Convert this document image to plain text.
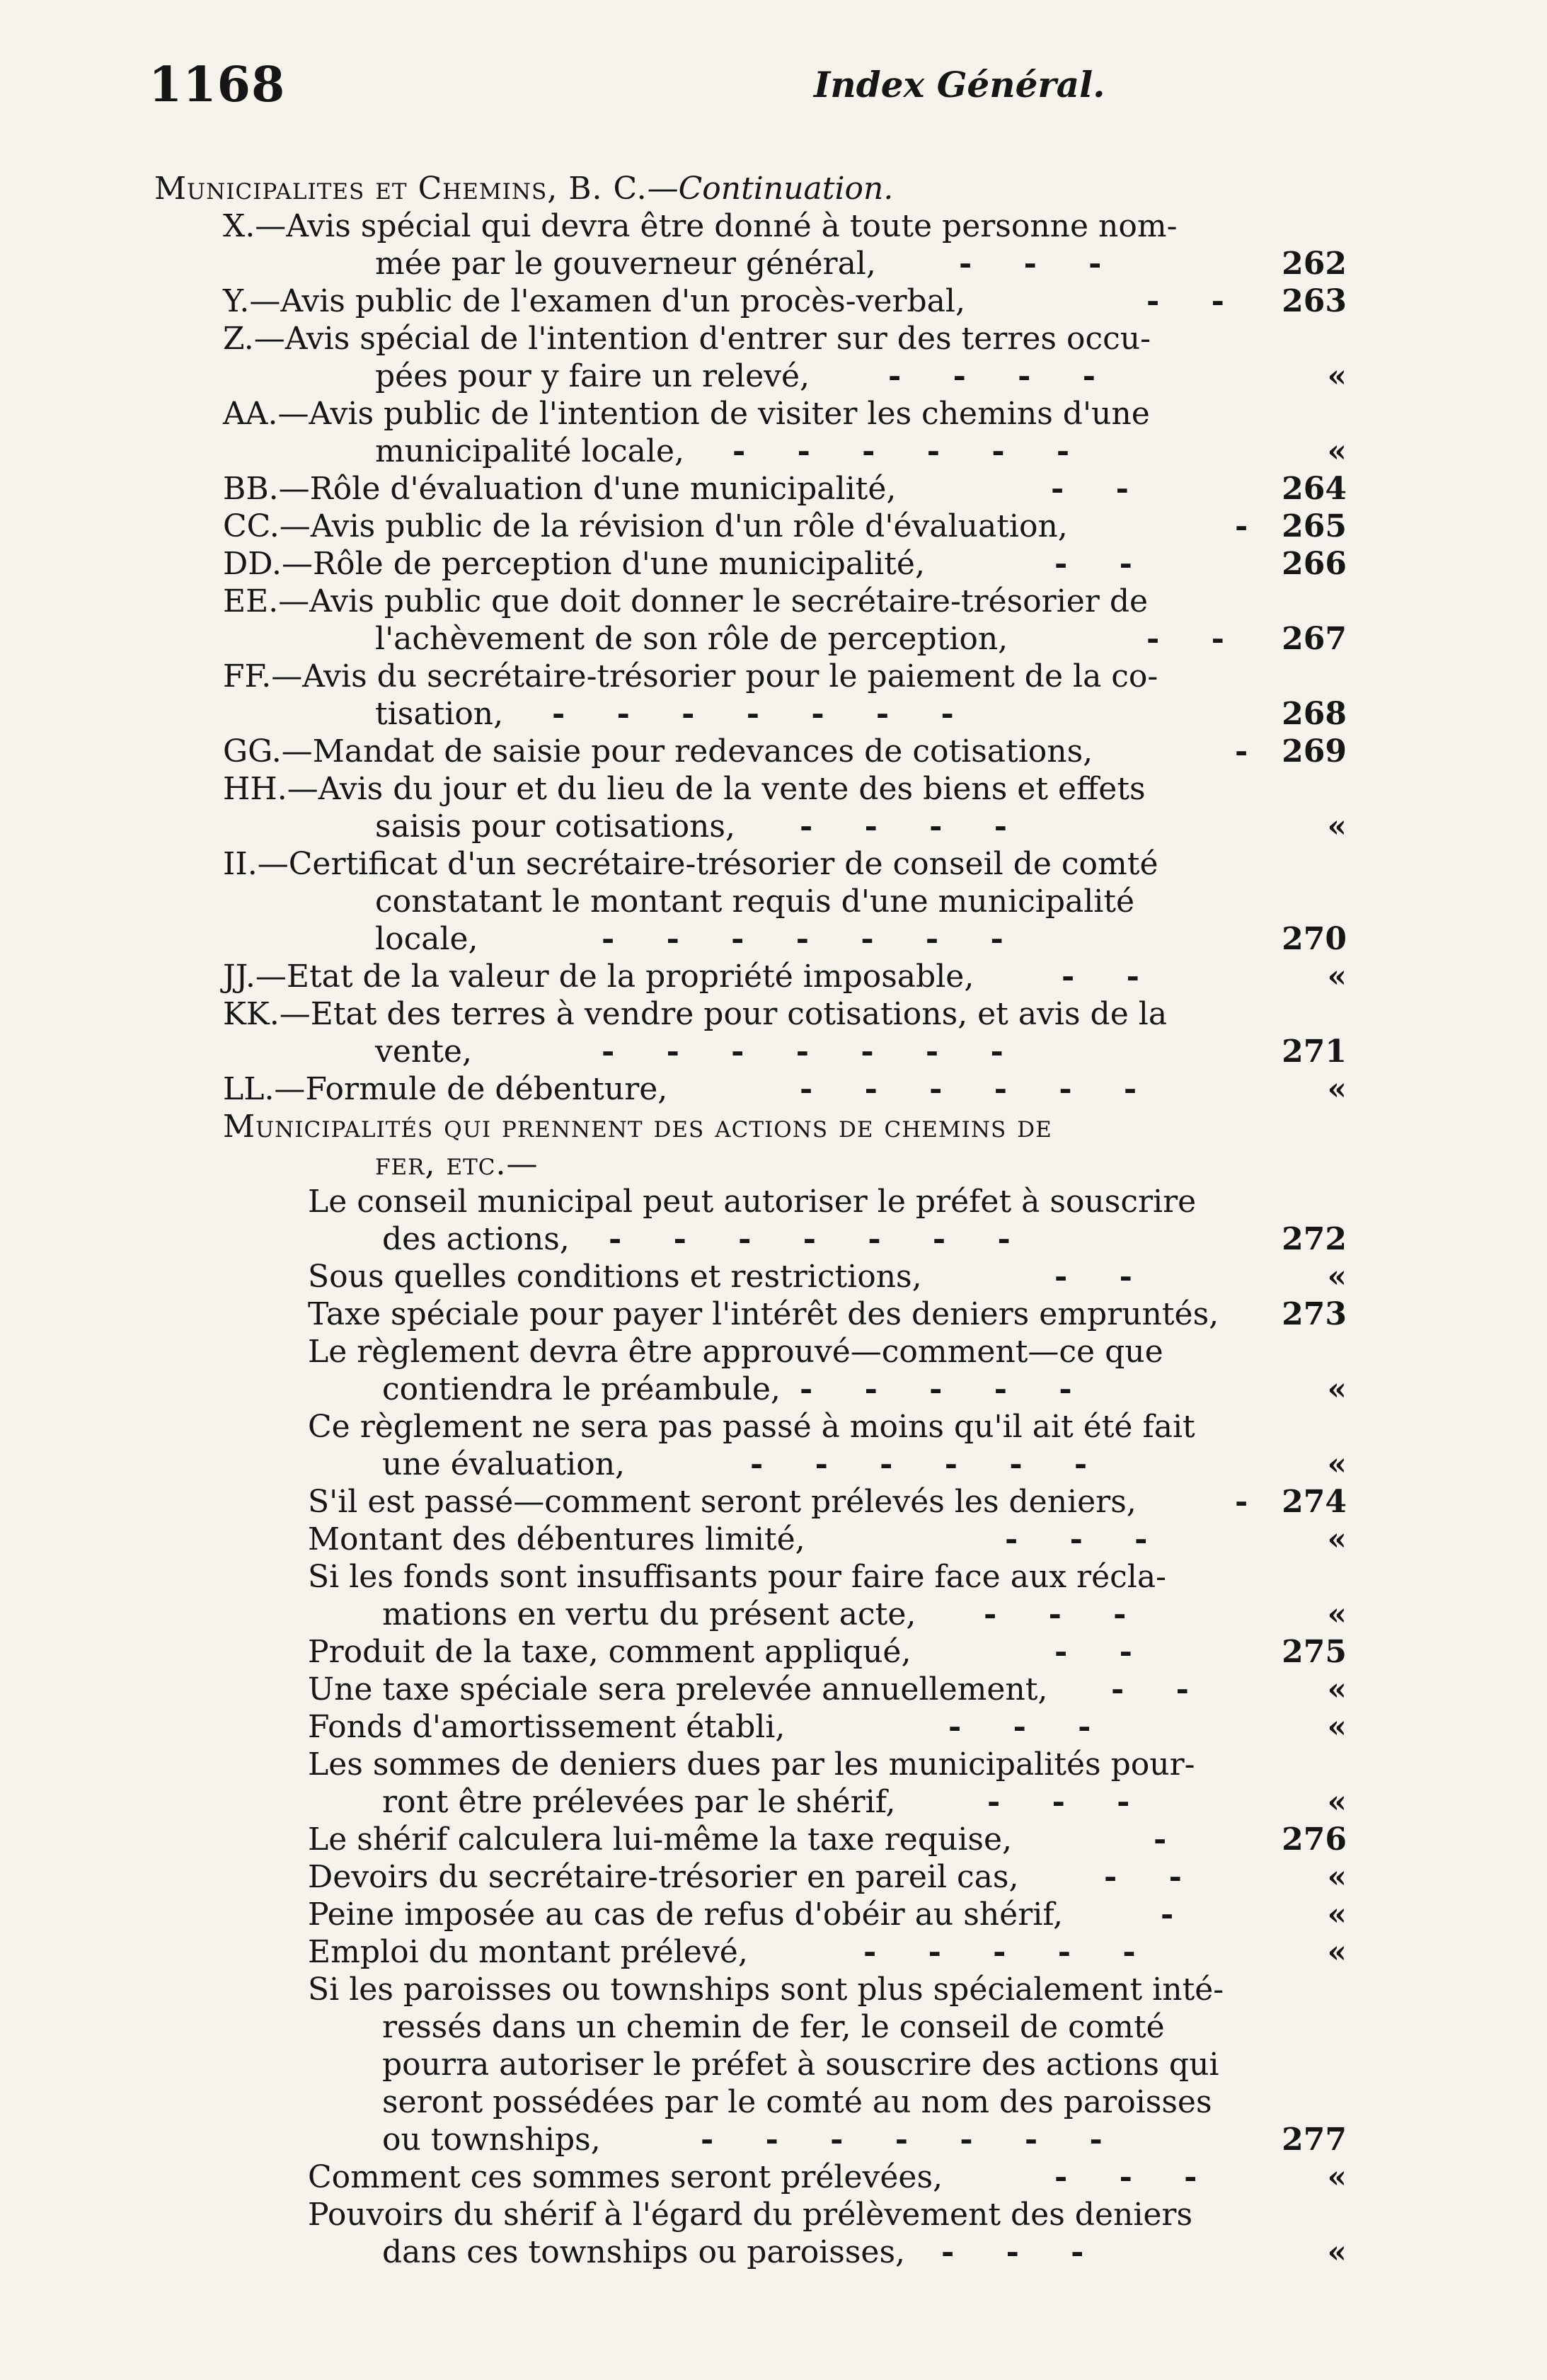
1168	Index Général.
Municipalites et Chemins, B. C.—Continuation.
X.—Avis spécial qui devra être donné à toute personne nom-
mée par le gouverneur général,	- - -	262
Y.—Avis public de l'examen d'un procès-verbal,	- - 263
Z.—Avis spécial de l'intention d'entrer sur des terres occu-
pées pour y faire un relevé,	- - - -	«
AA.—Avis public de l'intention de visiter les chemins d'une
municipalité locale, - - - - - -	«
BB.—Rôle d'évaluation d'une municipalité,	- -	264
CC.—Avis public de la révision d'un rôle d'évaluation,	- 265
DD.—Rôle de perception d'une municipalité,	- -	266
EE.—Avis public que doit donner le secrétaire-trésorier de
l'achèvement de son rôle de perception,	- - 267
FF.—Avis du secrétaire-trésorier pour le paiement de la co-
tisation, - - - - - - -	268
GG.—Mandat de saisie pour redevances de cotisations,	- 269
HH.—Avis du jour et du lieu de la vente des biens et effets
saisis pour cotisations, - - - -	«
II.—Certificat d'un secrétaire-trésorier de conseil de comté
constatant le montant requis d'une municipalité
locale,	- - - - - - -	270
JJ.—Etat de la valeur de la propriété imposable,	- -	«
KK.—Etat des terres à vendre pour cotisations, et avis de la
vente,	- - - - - - -	271
LL.—Formule de débenture,	- - - - - -	«
Municipalités qui prennent des actions de chemins de
fer, etc.—
Le conseil municipal peut autoriser le préfet à souscrire
des actions, - - - - - - -	272
Sous quelles conditions et restrictions,	- -	«
Taxe spéciale pour payer l'intérêt des deniers empruntés, 273
Le règlement devra être approuvé—comment—ce que
contiendra le préambule, - - - - -	«
Ce règlement ne sera pas passé à moins qu'il ait été fait
une évaluation,	- - - - - -	«
S'il est passé—comment seront prélevés les deniers,	- 274
Montant des débentures limité,	- - -	«
Si les fonds sont insuffisants pour faire face aux récla-
mations en vertu du présent acte, - - -	«
Produit de la taxe, comment appliqué,	- -	275
Une taxe spéciale sera prelevée annuellement, - -	«
Fonds d'amortissement établi,	- - -	«
Les sommes de deniers dues par les municipalités pour-
ront être prélevées par le shérif,	- - -	«
Le shérif calculera lui-même la taxe requise,	-	276
Devoirs du secrétaire-trésorier en pareil cas,	- -	«
Peine imposée au cas de refus d'obéir au shérif,	-	«
Emploi du montant prélevé,	- - - - -	«
Si les paroisses ou townships sont plus spécialement inté-
ressés dans un chemin de fer, le conseil de comté
pourra autoriser le préfet à souscrire des actions qui
seront possédées par le comté au nom des paroisses
ou townships,	- - - - - - -	277
Comment ces sommes seront prélevées,	- - -	«
Pouvoirs du shérif à l'égard du prélèvement des deniers
dans ces townships ou paroisses, - - -	«
